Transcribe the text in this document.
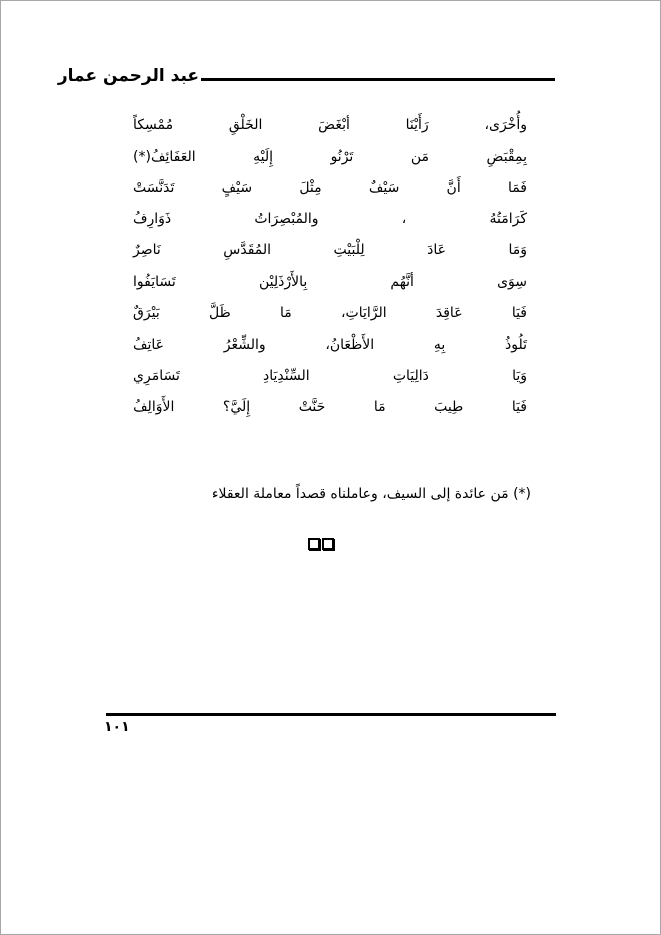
عبد الرحمن عمار
وأُخْرَى،
رَأَيْنَا
أبْغَضَ
الخَلْقِ
مُمْسِكاً
بِمِقْبَضِ
مَن
تَرْنُو
إِلَيْهِ
العَفَائِفُ(*)
فَمَا
أَنَّ
سَيْفٌ
مِثْلَ
سَيْفٍ
تَدَنَّسَتْ
كَرَامَتُهُ
،
والمُبْصِرَاتُ
ذَوَارِفُ
وَمَا
عَادَ
لِلْبَيْتِ
المُقَدَّسِ
نَاصِرٌ
سِوَى
أنَّهُم
بِالأَرْذَلِيْن
تَسَايَفُوا
فَيَا
عَاقِدَ
الرَّايَاتِ،
مَا
ظَلَّ
بَيْرَقٌ
تَلُوذُ
بِهِ
الأَظْعَانُ،
والشِّعْرُ
عَاتِفُ
وَيَا
دَالِيَاتِ
السِّنْدِيَادِ
تَسَامَرِي
فَيَا
طِيبَ
مَا
حَنَّتْ
إِلَيَّ؟
الأَوَالِفُ
(*) مَن عائدة إلى السيف، وعاملناه قصداً معاملة العقلاء
١٠١
